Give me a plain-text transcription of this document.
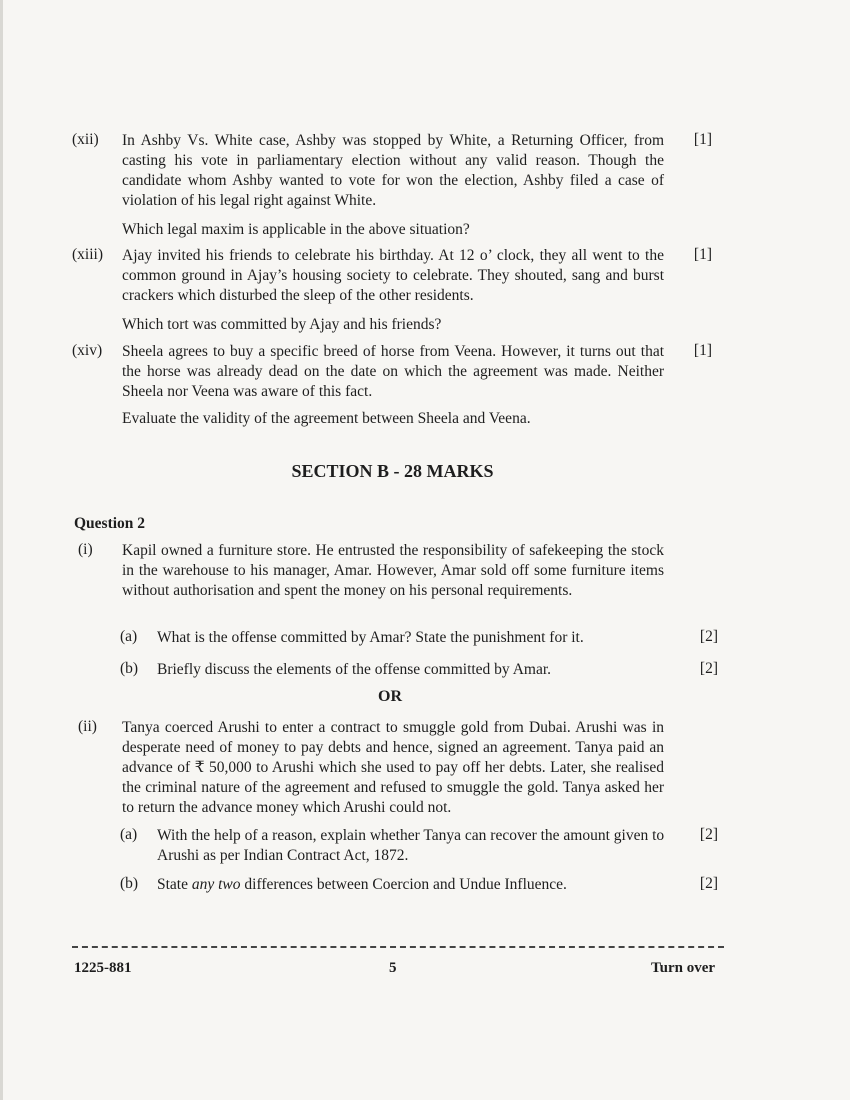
(xii) In Ashby Vs. White case, Ashby was stopped by White, a Returning Officer, from casting his vote in parliamentary election without any valid reason. Though the candidate whom Ashby wanted to vote for won the election, Ashby filed a case of violation of his legal right against White.
Which legal maxim is applicable in the above situation?
[1]
(xiii) Ajay invited his friends to celebrate his birthday. At 12 o’ clock, they all went to the common ground in Ajay’s housing society to celebrate. They shouted, sang and burst crackers which disturbed the sleep of the other residents.
Which tort was committed by Ajay and his friends?
[1]
(xiv) Sheela agrees to buy a specific breed of horse from Veena. However, it turns out that the horse was already dead on the date on which the agreement was made. Neither Sheela nor Veena was aware of this fact.
Evaluate the validity of the agreement between Sheela and Veena.
[1]
SECTION B - 28 MARKS
Question 2
(i) Kapil owned a furniture store. He entrusted the responsibility of safekeeping the stock in the warehouse to his manager, Amar. However, Amar sold off some furniture items without authorisation and spent the money on his personal requirements.
(a) What is the offense committed by Amar? State the punishment for it.	[2]
(b) Briefly discuss the elements of the offense committed by Amar.	[2]
OR
(ii) Tanya coerced Arushi to enter a contract to smuggle gold from Dubai. Arushi was in desperate need of money to pay debts and hence, signed an agreement. Tanya paid an advance of ₹ 50,000 to Arushi which she used to pay off her debts. Later, she realised the criminal nature of the agreement and refused to smuggle the gold. Tanya asked her to return the advance money which Arushi could not.
(a) With the help of a reason, explain whether Tanya can recover the amount given to Arushi as per Indian Contract Act, 1872.
[2]
(b) State any two differences between Coercion and Undue Influence.	[2]
1225-881	5	Turn over
